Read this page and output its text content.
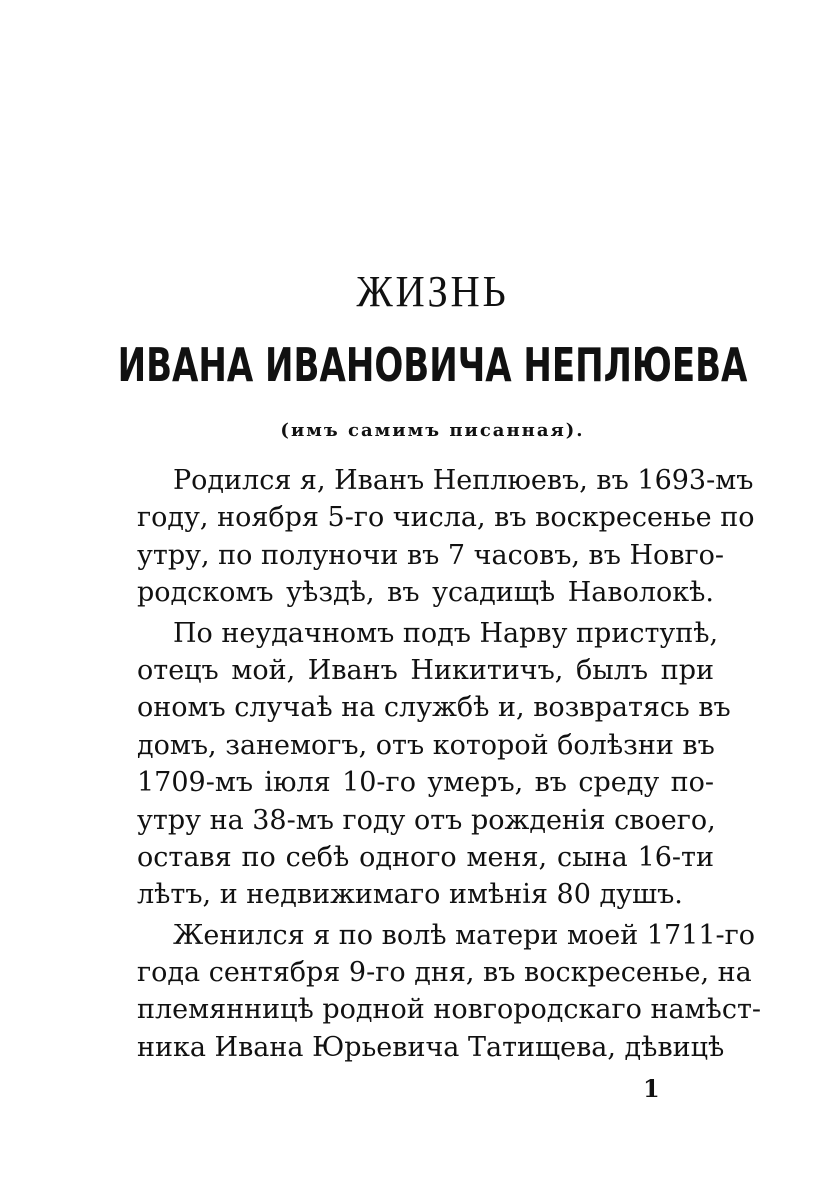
ЖИЗНЬ
ИВАНА ИВАНОВИЧА НЕПЛЮЕВА
(имъ самимъ писанная).
Родился я, Иванъ Неплюевъ, въ 1693-мъ
году, ноября 5-го числа, въ воскресенье по
утру, по полуночи въ 7 часовъ, въ Новго-
родскомъ уѣздѣ, въ усадищѣ Наволокѣ.
По неудачномъ подъ Нарву приступѣ,
отецъ мой, Иванъ Никитичъ, былъ при
ономъ случаѣ на службѣ и, возвратясь въ
домъ, занемогъ, отъ которой болѣзни въ
1709-мъ іюля 10-го умеръ, въ среду по-
утру на 38-мъ году отъ рожденія своего,
оставя по себѣ одного меня, сына 16-ти
лѣтъ, и недвижимаго имѣнія 80 душъ.
Женился я по волѣ матери моей 1711-го
года сентября 9-го дня, въ воскресенье, на
племянницѣ родной новгородскаго намѣст-
ника Ивана Юрьевича Татищева, дѣвицѣ
1
